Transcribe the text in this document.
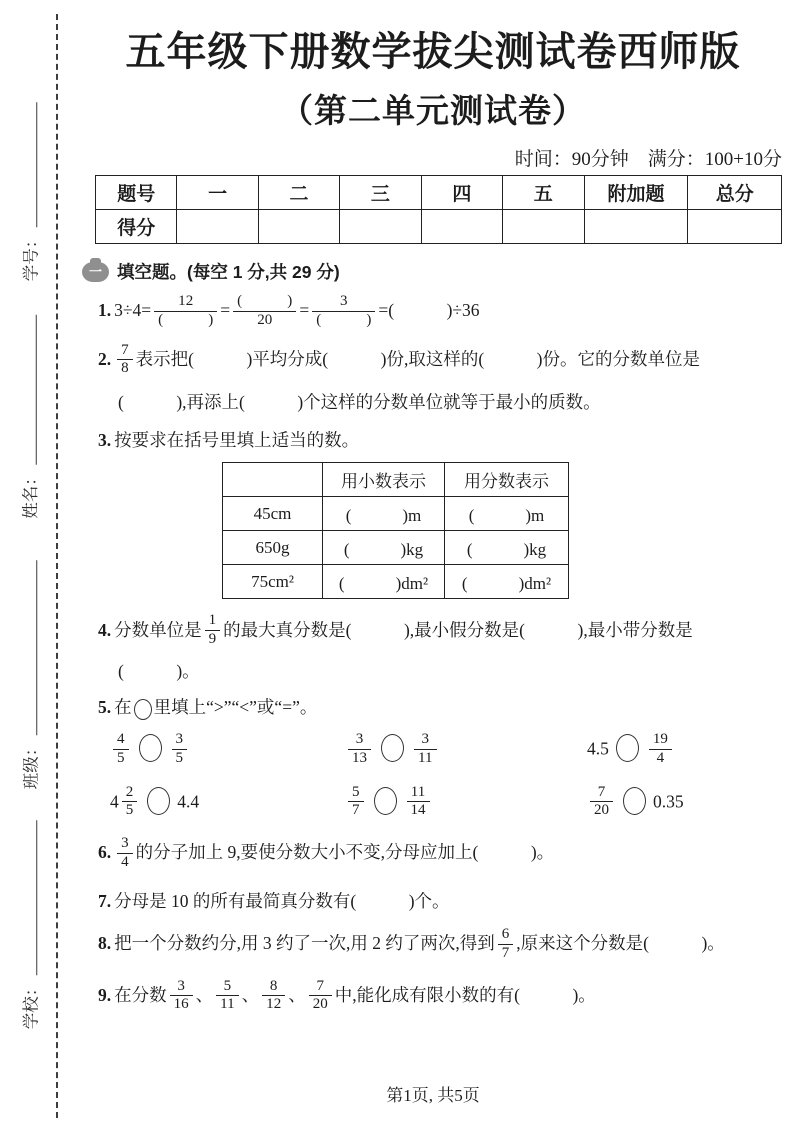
学号：
姓名：
班级：
学校：
五年级下册数学拔尖测试卷西师版
（第二单元测试卷）
时间：90分钟　满分：100+10分
题号	一	二	三	四	五	附加题	总分
得分							
一 填空题。(每空 1 分,共 29 分)
1. 3÷4=	12
(　　　) = (　　　)
20	=	3
(　　　) =(　　　)÷36
2. $\frac{7}{8}$ 表示把(　　　)平均分成(　　　)份,取这样的(　　　)份。它的分数单位是
(　　　),再添上(　　　)个这样的分数单位就等于最小的质数。
3. 按要求在括号里填上适当的数。
	用小数表示	用分数表示
45cm	(　　　)m	(　　　)m
650g	(　　　)kg	(　　　)kg
75cm²	(　　　)dm²	(　　　)dm²
4. 分数单位是 $\frac{1}{9}$ 的最大真分数是(　　　),最小假分数是(　　　),最小带分数是
(　　　)。
5. 在 里填上“>”“<”或“=”。
$\frac{4}{5}$	$\frac{3}{5}$	$\frac{3}{13}$	$\frac{3}{11}$	4.5	$\frac{19}{4}$
$4 \frac{2}{5} 4.4$	$\frac{5}{7}$	$\frac{11}{14}$	$\frac{7}{20} 0.35$
6. $\frac{3}{4}$ 的分子加上 9,要使分数大小不变,分母应加上(　　　)。
7. 分母是 10 的所有最简真分数有(　　　)个。
8. 把一个分数约分,用 3 约了一次,用 2 约了两次,得到 $\frac{6}{7}$ ,原来这个分数是(　　　)。
9. 在分数 $\frac{3}{16}$ 、 $\frac{5}{11}$ 、 $\frac{8}{12}$ 、 $\frac{7}{20}$ 中,能化成有限小数的有(　　　)。
第1页, 共5页
